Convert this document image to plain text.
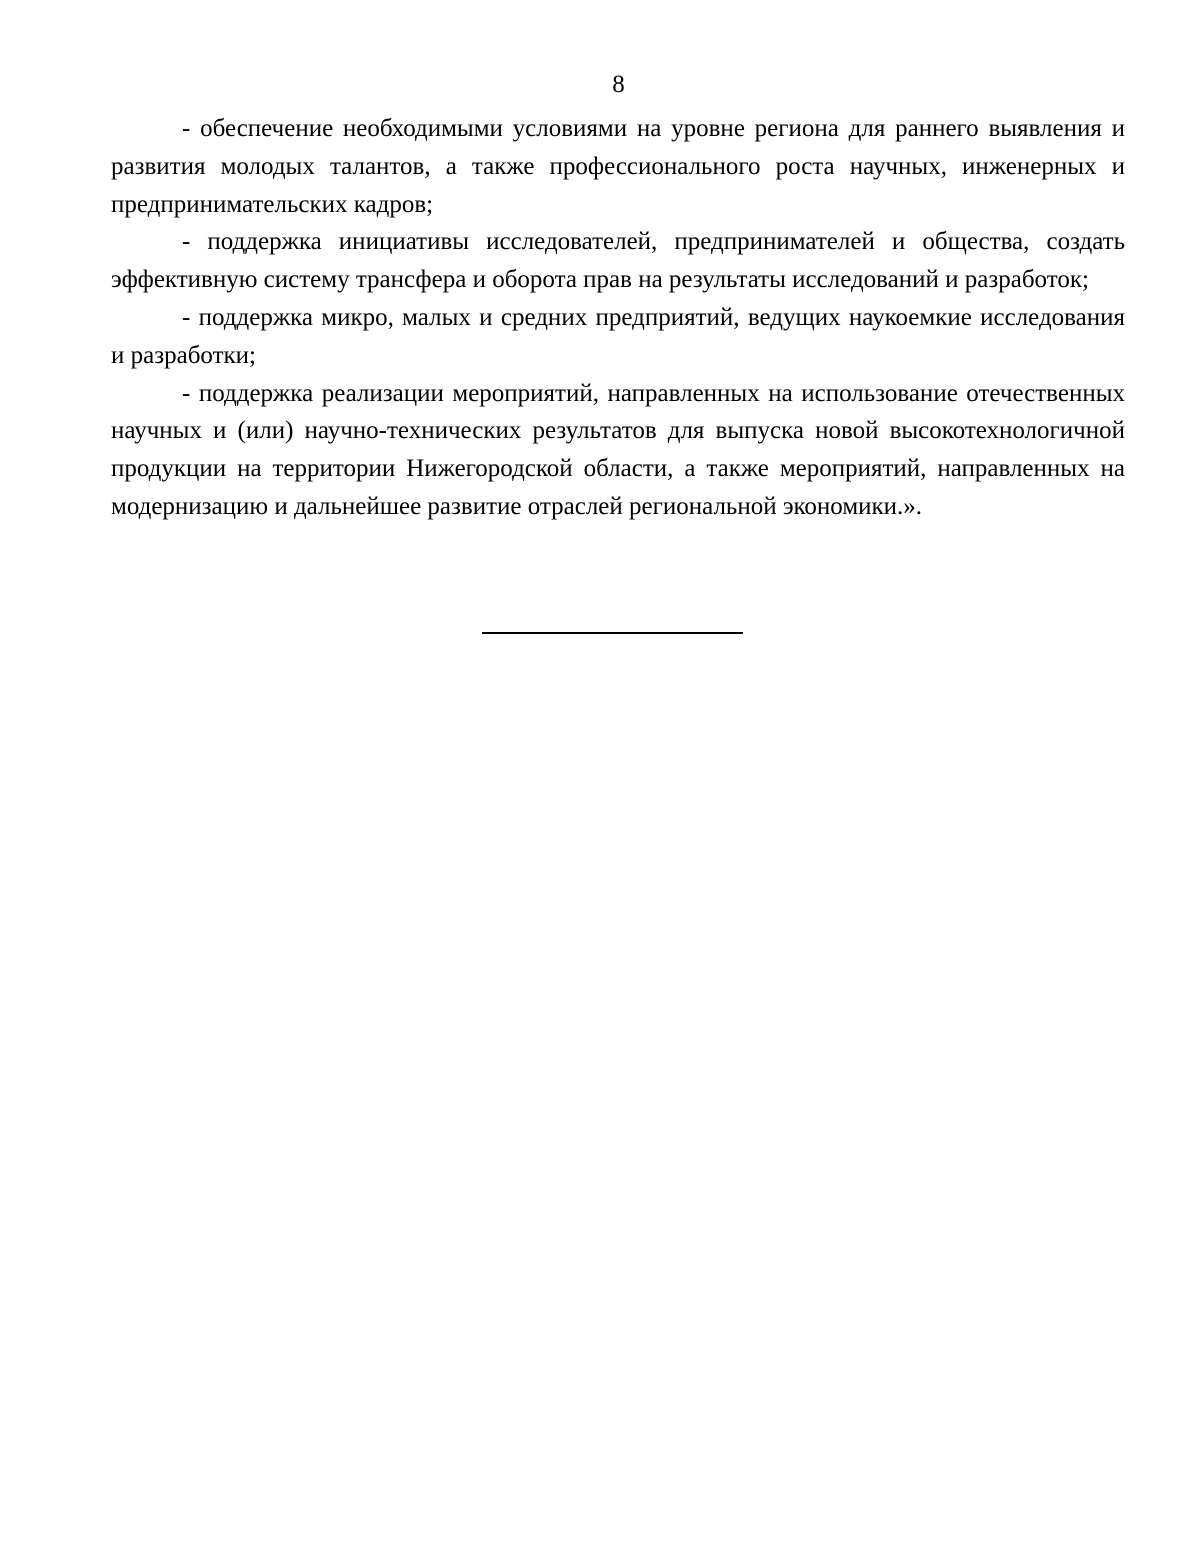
8

- обеспечение необходимыми условиями на уровне региона для раннего выявления и развития молодых талантов, а также профессионального роста научных, инженерных и предпринимательских кадров;

- поддержка инициативы исследователей, предпринимателей и общества, создать эффективную систему трансфера и оборота прав на результаты исследований и разработок;

- поддержка микро, малых и средних предприятий, ведущих наукоемкие исследования и разработки;

- поддержка реализации мероприятий, направленных на использование отечественных научных и (или) научно-технических результатов для выпуска новой высокотехнологичной продукции на территории Нижегородской области, а также мероприятий, направленных на модернизацию и дальнейшее развитие отраслей региональной экономики.».
